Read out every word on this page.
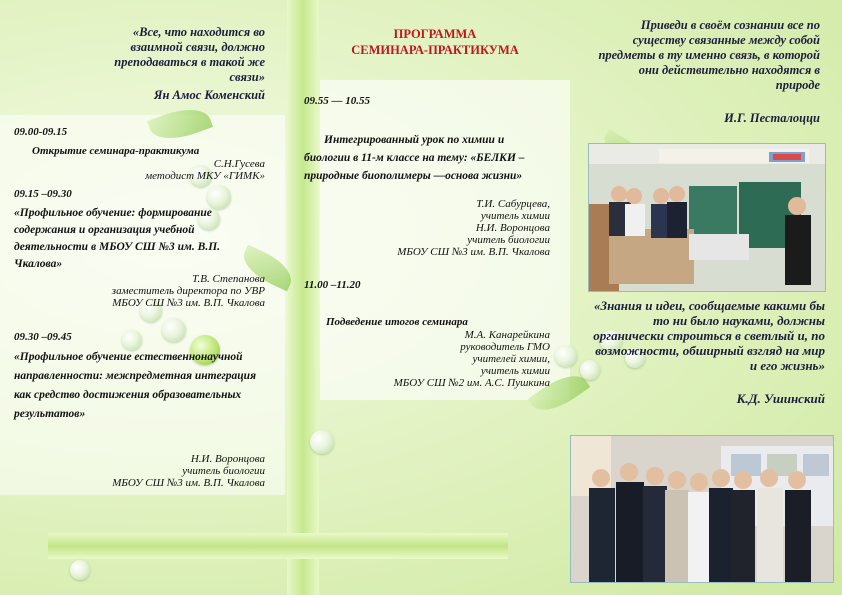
«Все, что находится во взаимной связи, должно преподаваться в такой же связи»
Ян Амос Коменский
09.00-09.15
Открытие семинара-практикума
С.Н.Гусева
методист МКУ «ГИМК»
09.15 –09.30
«Профильное обучение: формирование содержания и организация учебной деятельности в МБОУ СШ №3 им. В.П. Чкалова»
Т.В. Степанова
заместитель директора по УВР
МБОУ СШ №3 им. В.П. Чкалова
09.30 –09.45
«Профильное обучение естественнонаучной направленности: межпредметная интеграция как средство достижения образовательных результатов»
Н.И. Воронцова
учитель биологии
МБОУ СШ №3 им. В.П. Чкалова
ПРОГРАММА
СЕМИНАРА-ПРАКТИКУМА
09.55 — 10.55
Интегрированный урок по химии и биологии в 11-м классе на тему: «БЕЛКИ – природные биополимеры —основа жизни»
Т.И. Сабурцева,
учитель химии
Н.И. Воронцова
учитель биологии
МБОУ СШ №3 им. В.П. Чкалова
11.00 –11.20
Подведение итогов семинара
М.А. Канарейкина
руководитель ГМО
учителей химии,
учитель химии
МБОУ СШ №2 им. А.С. Пушкина
Приведи в своём сознании все по существу связанные между собой предметы в ту именно связь, в которой они действительно находятся в природе
И.Г. Песталоцци
«Знания и идеи, сообщаемые какими бы то ни было науками, должны органически строиться в светлый и, по возможности, обширный взгляд на мир и его жизнь»
К.Д. Ушинский
